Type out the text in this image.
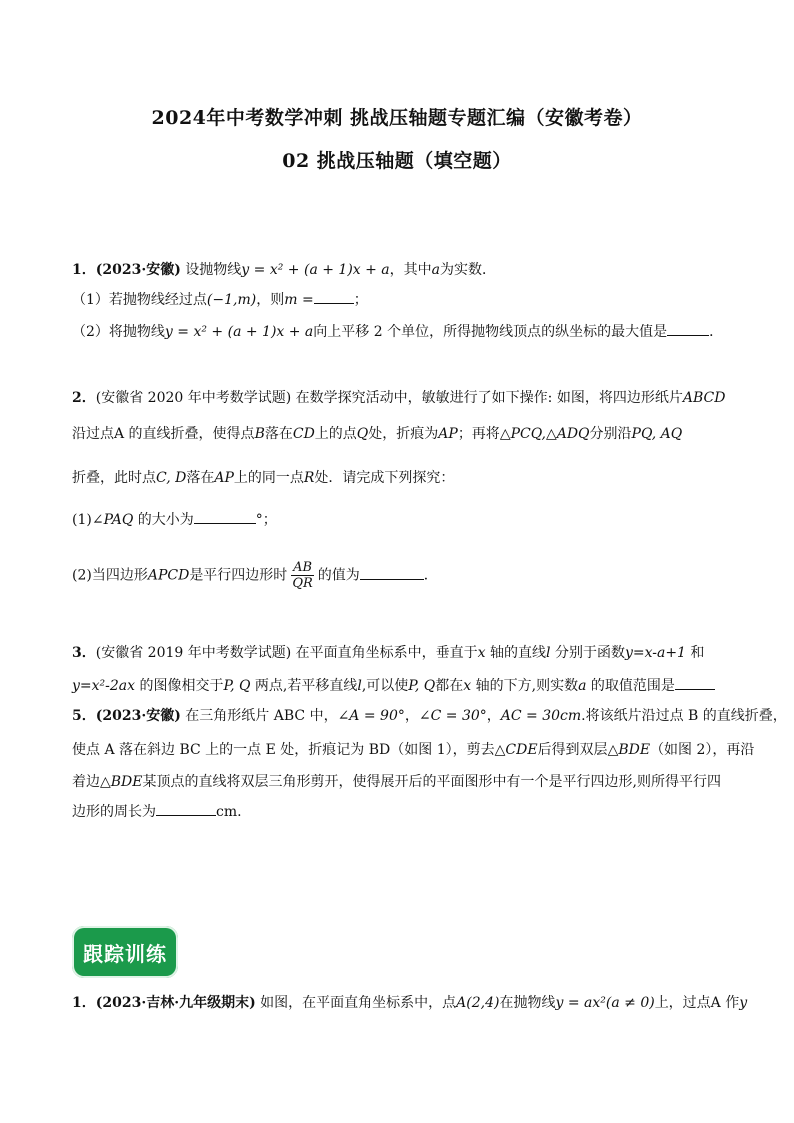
2024年中考数学冲刺 挑战压轴题专题汇编（安徽考卷）
02 挑战压轴题（填空题）
1．(2023·安徽) 设抛物线y = x² + (a + 1)x + a，其中a为实数．
（1）若抛物线经过点(−1,m)，则m =	；
（2）将抛物线y = x² + (a + 1)x + a向上平移 2 个单位，所得抛物线顶点的纵坐标的最大值是	．
2．(安徽省 2020 年中考数学试题) 在数学探究活动中，敏敏进行了如下操作: 如图，将四边形纸片ABCD
沿过点A 的直线折叠，使得点B落在CD上的点Q处，折痕为AP；再将△PCQ,△ADQ分别沿PQ, AQ
折叠，此时点C, D落在AP上的同一点R处．请完成下列探究：
(1)∠PAQ 的大小为	°；
(2)当四边形APCD是平行四边形时 $\frac{AB}{QR}$ 的值为	．
3．(安徽省 2019 年中考数学试题) 在平面直角坐标系中，垂直于x 轴的直线l 分别于函数y=x-a+1 和
y=x²-2ax 的图像相交于P, Q 两点,若平移直线l,可以使P, Q都在x 轴的下方,则实数a 的取值范围是
5．(2023·安徽) 在三角形纸片 ABC 中，∠A = 90°，∠C = 30°，AC = 30cm.将该纸片沿过点 B 的直线折叠，
使点 A 落在斜边 BC 上的一点 E 处，折痕记为 BD（如图 1），剪去△CDE后得到双层△BDE（如图 2），再沿
着边△BDE某顶点的直线将双层三角形剪开，使得展开后的平面图形中有一个是平行四边形,则所得平行四
边形的周长为	cm.
跟踪训练
1．(2023·吉林·九年级期末) 如图，在平面直角坐标系中，点A(2,4)在抛物线y = ax²(a ≠ 0)上，过点A 作y
